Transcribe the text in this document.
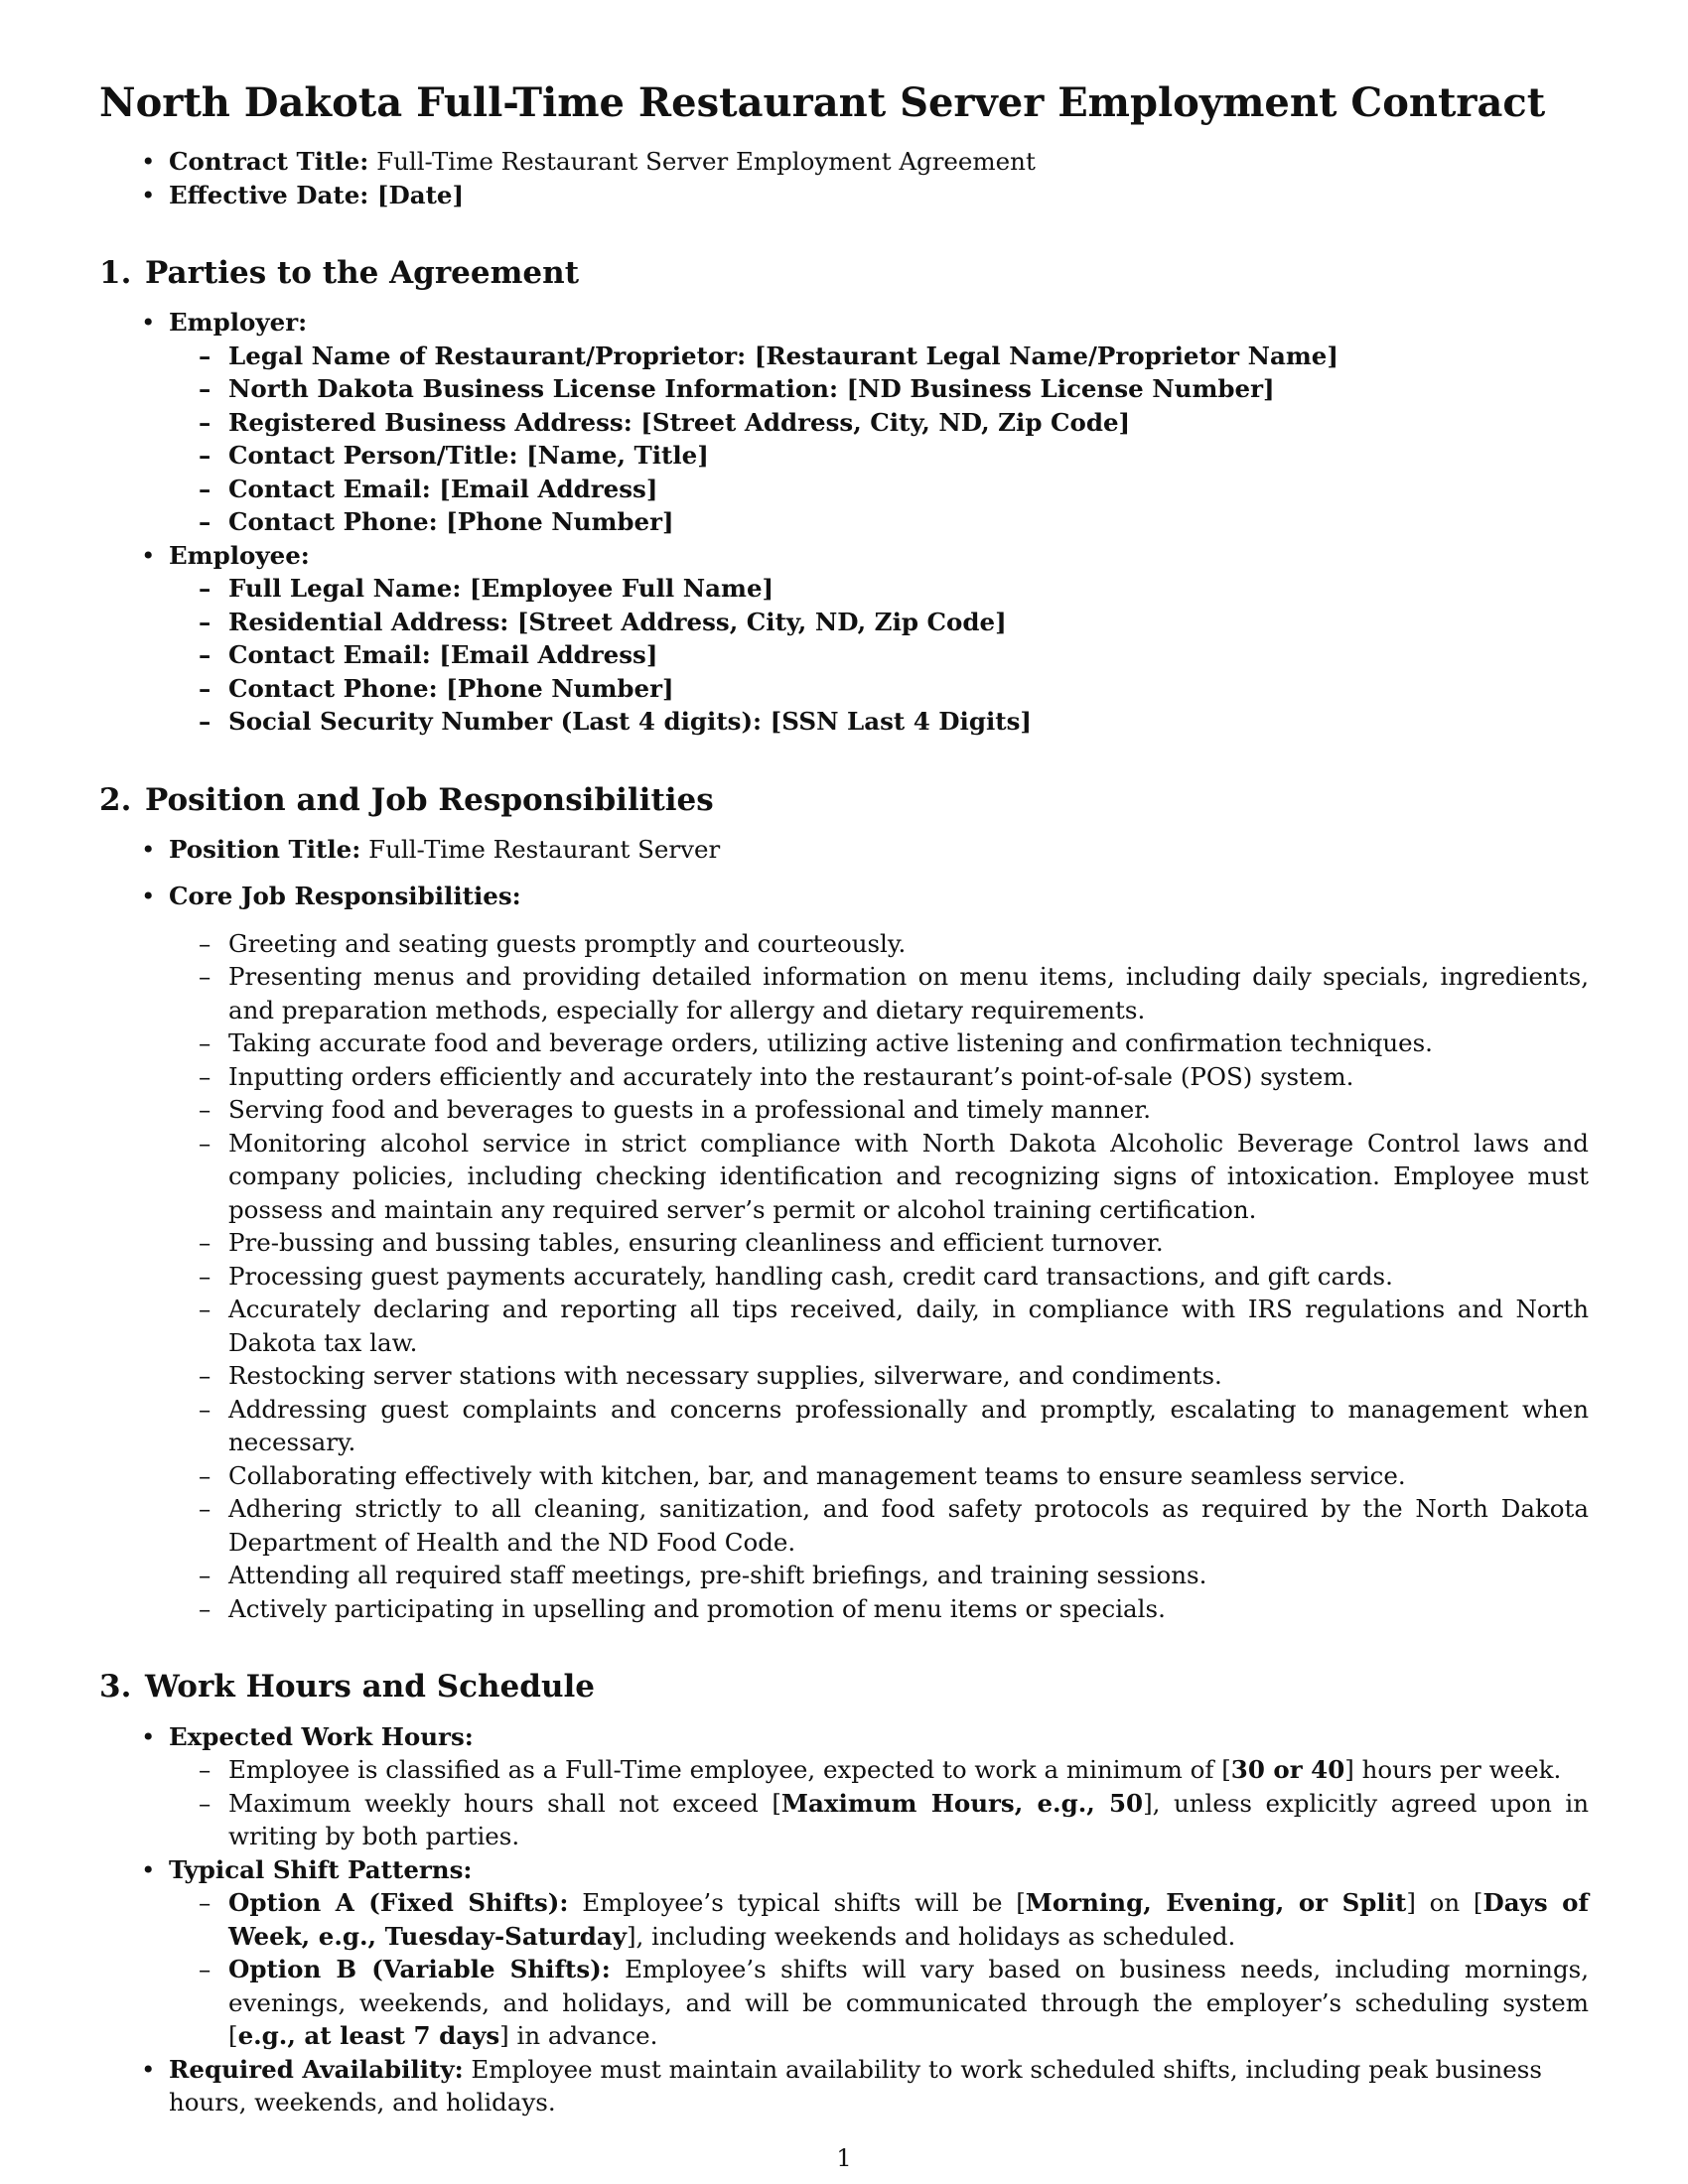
North Dakota Full-Time Restaurant Server Employment Contract
• Contract Title: Full-Time Restaurant Server Employment Agreement
• Effective Date: [Date]
1. Parties to the Agreement
• Employer:
– Legal Name of Restaurant/Proprietor: [Restaurant Legal Name/Proprietor Name]
– North Dakota Business License Information: [ND Business License Number]
– Registered Business Address: [Street Address, City, ND, Zip Code]
– Contact Person/Title: [Name, Title]
– Contact Email: [Email Address]
– Contact Phone: [Phone Number]
• Employee:
– Full Legal Name: [Employee Full Name]
– Residential Address: [Street Address, City, ND, Zip Code]
– Contact Email: [Email Address]
– Contact Phone: [Phone Number]
– Social Security Number (Last 4 digits): [SSN Last 4 Digits]
2. Position and Job Responsibilities
• Position Title: Full-Time Restaurant Server
• Core Job Responsibilities:
– Greeting and seating guests promptly and courteously.
– Presenting menus and providing detailed information on menu items, including daily specials, ingredients, and preparation methods, especially for allergy and dietary requirements.
– Taking accurate food and beverage orders, utilizing active listening and confirmation techniques.
– Inputting orders efficiently and accurately into the restaurant’s point-of-sale (POS) system.
– Serving food and beverages to guests in a professional and timely manner.
– Monitoring alcohol service in strict compliance with North Dakota Alcoholic Beverage Control laws and company policies, including checking identification and recognizing signs of intoxication. Employee must possess and maintain any required server’s permit or alcohol training certification.
– Pre-bussing and bussing tables, ensuring cleanliness and efficient turnover.
– Processing guest payments accurately, handling cash, credit card transactions, and gift cards.
– Accurately declaring and reporting all tips received, daily, in compliance with IRS regulations and North Dakota tax law.
– Restocking server stations with necessary supplies, silverware, and condiments.
– Addressing guest complaints and concerns professionally and promptly, escalating to management when necessary.
– Collaborating effectively with kitchen, bar, and management teams to ensure seamless service.
– Adhering strictly to all cleaning, sanitization, and food safety protocols as required by the North Dakota Department of Health and the ND Food Code.
– Attending all required staff meetings, pre-shift briefings, and training sessions.
– Actively participating in upselling and promotion of menu items or specials.
3. Work Hours and Schedule
• Expected Work Hours:
– Employee is classified as a Full-Time employee, expected to work a minimum of [30 or 40] hours per week.
– Maximum weekly hours shall not exceed [Maximum Hours, e.g., 50], unless explicitly agreed upon in writing by both parties.
• Typical Shift Patterns:
– Option A (Fixed Shifts): Employee’s typical shifts will be [Morning, Evening, or Split] on [Days of Week, e.g., Tuesday-Saturday], including weekends and holidays as scheduled.
– Option B (Variable Shifts): Employee’s shifts will vary based on business needs, including mornings, evenings, weekends, and holidays, and will be communicated through the employer’s scheduling system [e.g., at least 7 days] in advance.
• Required Availability: Employee must maintain availability to work scheduled shifts, including peak business hours, weekends, and holidays.
1
